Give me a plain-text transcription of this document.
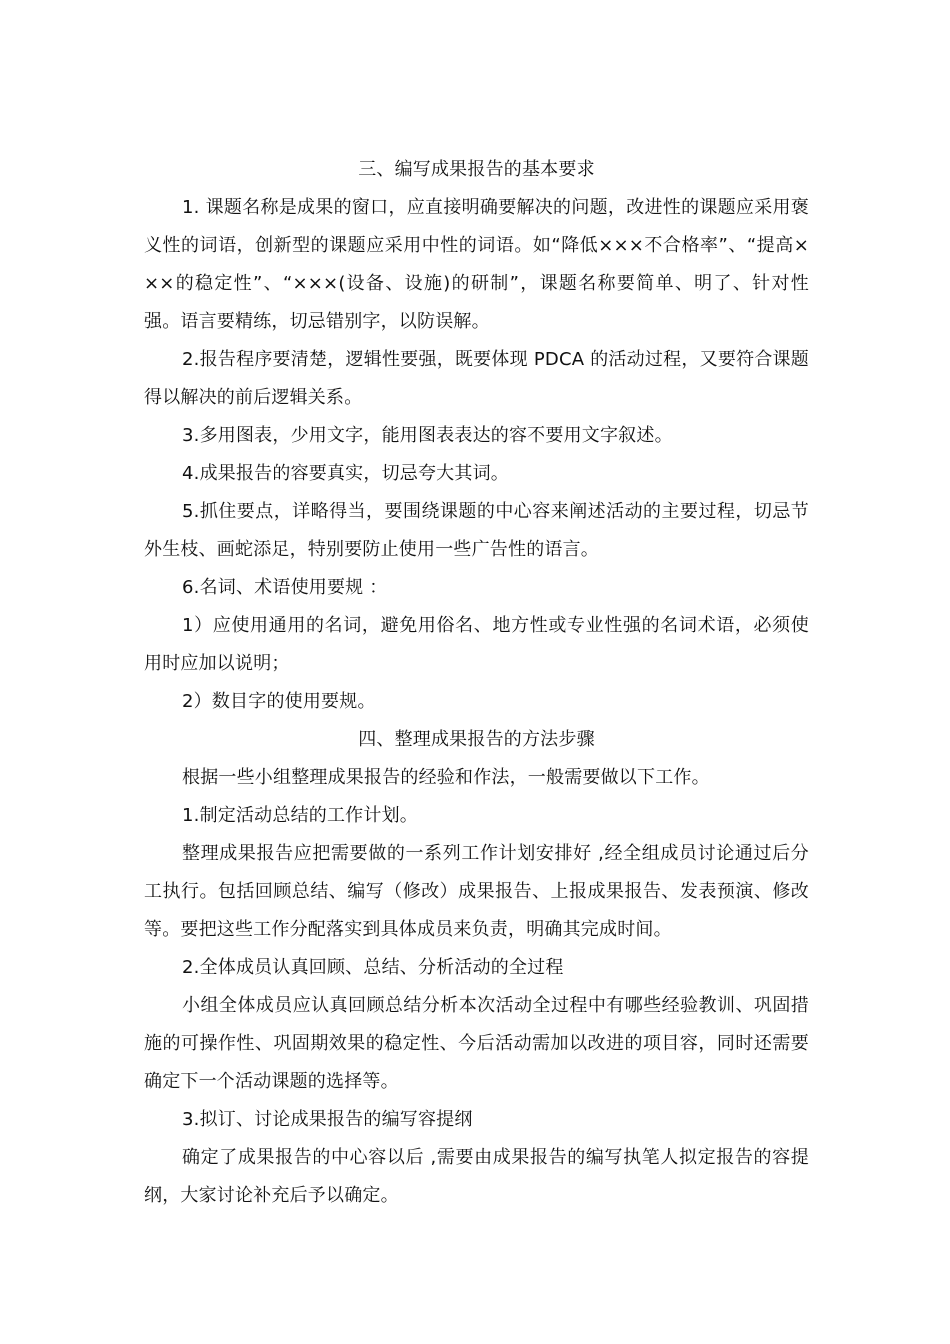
三、编写成果报告的基本要求

1. 课题名称是成果的窗口，应直接明确要解决的问题，改进性的课题应采用褒义性的词语，创新型的课题应采用中性的词语。如“降低×××不合格率”、“提高×××的稳定性”、“×××(设备、设施)的研制”，课题名称要简单、明了、针对性强。语言要精练，切忌错别字，以防误解。

2.报告程序要清楚，逻辑性要强，既要体现 PDCA 的活动过程，又要符合课题得以解决的前后逻辑关系。

3.多用图表，少用文字，能用图表表达的容不要用文字叙述。

4.成果报告的容要真实，切忌夸大其词。

5.抓住要点，详略得当，要围绕课题的中心容来阐述活动的主要过程，切忌节外生枝、画蛇添足，特别要防止使用一些广告性的语言。

6.名词、术语使用要规 ：

1）应使用通用的名词，避免用俗名、地方性或专业性强的名词术语，必须使用时应加以说明；

2）数目字的使用要规。

四、整理成果报告的方法步骤

根据一些小组整理成果报告的经验和作法，一般需要做以下工作。

1.制定活动总结的工作计划。

整理成果报告应把需要做的一系列工作计划安排好 ,经全组成员讨论通过后分工执行。包括回顾总结、编写（修改）成果报告、上报成果报告、发表预演、修改等。要把这些工作分配落实到具体成员来负责，明确其完成时间。

2.全体成员认真回顾、总结、分析活动的全过程

小组全体成员应认真回顾总结分析本次活动全过程中有哪些经验教训、巩固措施的可操作性、巩固期效果的稳定性、今后活动需加以改进的项目容，同时还需要确定下一个活动课题的选择等。

3.拟订、讨论成果报告的编写容提纲

确定了成果报告的中心容以后 ,需要由成果报告的编写执笔人拟定报告的容提纲，大家讨论补充后予以确定。
